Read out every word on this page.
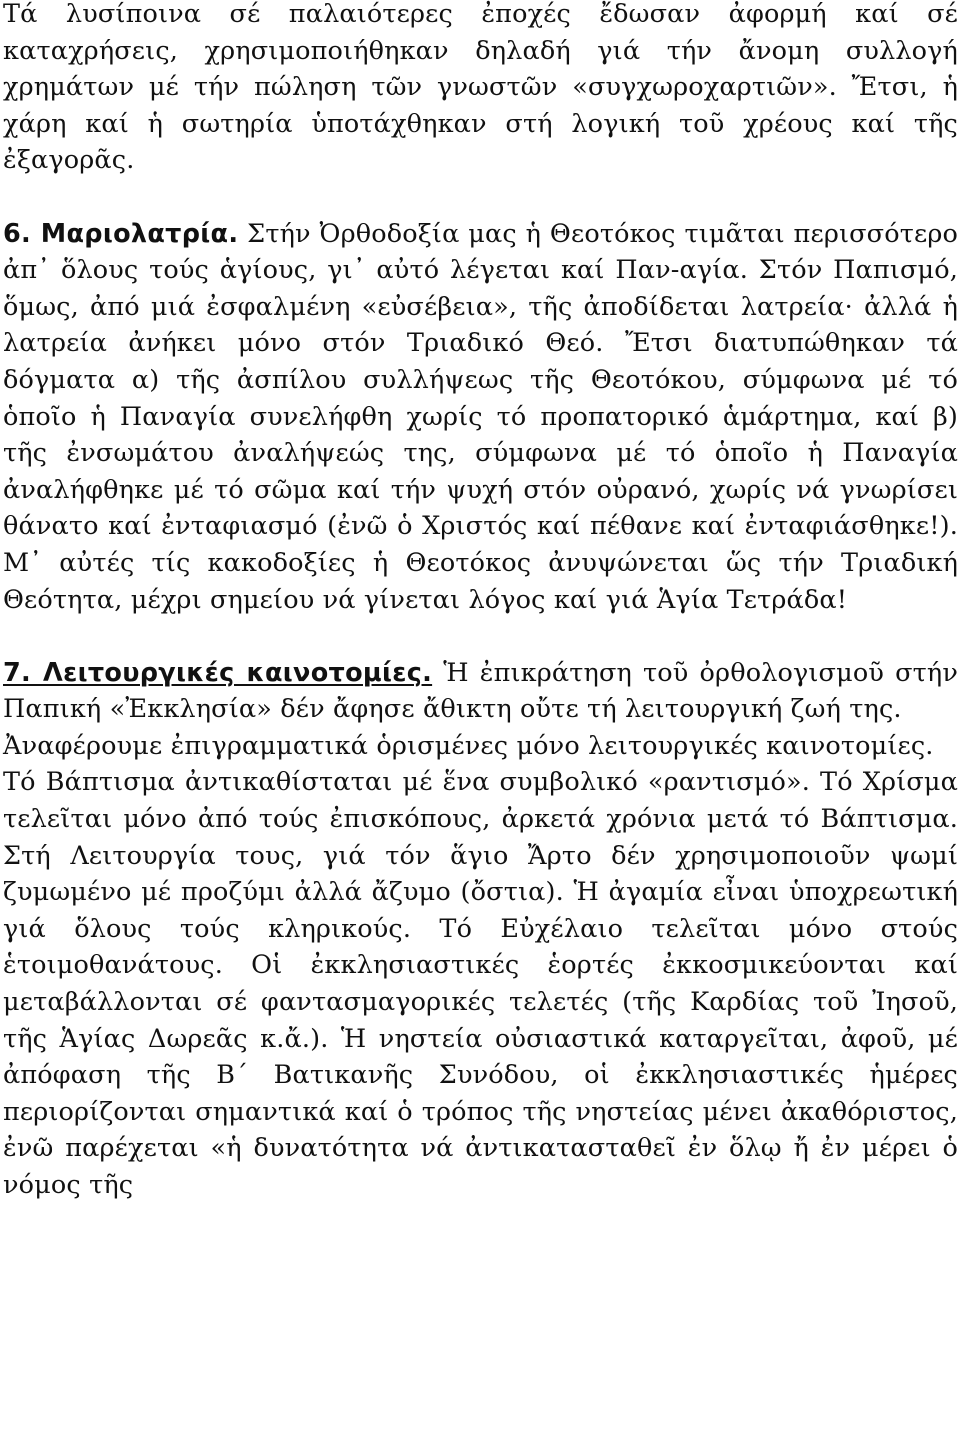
Τά λυσίποινα σέ παλαιότερες ἐποχές ἔδωσαν ἀφορμή καί σέ καταχρήσεις, χρησιμοποιήθηκαν δηλαδή γιά τήν ἄνομη συλλογή χρημάτων μέ τήν πώληση τῶν γνωστῶν «συγχωροχαρτιῶν». Ἔτσι, ἡ χάρη καί ἡ σωτηρία ὑποτάχθηκαν στή λογική τοῦ χρέους καί τῆς ἐξαγορᾶς.

6. Μαριολατρία. Στήν Ὀρθοδοξία μας ἡ Θεοτόκος τιμᾶται περισσότερο ἀπ᾽ ὅλους τούς ἁγίους, γι᾽ αὐτό λέγεται καί Παν-αγία. Στόν Παπισμό, ὅμως, ἀπό μιά ἐσφαλμένη «εὐσέβεια», τῆς ἀποδίδεται λατρεία· ἀλλά ἡ λατρεία ἀνήκει μόνο στόν Τριαδικό Θεό. Ἔτσι διατυπώθηκαν τά δόγματα α) τῆς ἀσπίλου συλλήψεως τῆς Θεοτόκου, σύμφωνα μέ τό ὁποῖο ἡ Παναγία συνελήφθη χωρίς τό προπατορικό ἁμάρτημα, καί β) τῆς ἐνσωμάτου ἀναλήψεώς της, σύμφωνα μέ τό ὁποῖο ἡ Παναγία ἀναλήφθηκε μέ τό σῶμα καί τήν ψυχή στόν οὐρανό, χωρίς νά γνωρίσει θάνατο καί ἐνταφιασμό (ἐνῶ ὁ Χριστός καί πέθανε καί ἐνταφιάσθηκε!). Μ᾽ αὐτές τίς κακοδοξίες ἡ Θεοτόκος ἀνυψώνεται ὥς τήν Τριαδική Θεότητα, μέχρι σημείου νά γίνεται λόγος καί γιά Ἁγία Τετράδα!

7. Λειτουργικές καινοτομίες. Ἡ ἐπικράτηση τοῦ ὀρθολογισμοῦ στήν Παπική «Ἐκκλησία» δέν ἄφησε ἄθικτη οὔτε τή λειτουργική ζωή της.

Ἀναφέρουμε ἐπιγραμματικά ὁρισμένες μόνο λειτουργικές καινοτομίες.

Τό Βάπτισμα ἀντικαθίσταται μέ ἕνα συμβολικό «ραντισμό». Τό Χρίσμα τελεῖται μόνο ἀπό τούς ἐπισκόπους, ἀρκετά χρόνια μετά τό Βάπτισμα. Στή Λειτουργία τους, γιά τόν ἅγιο Ἄρτο δέν χρησιμοποιοῦν ψωμί ζυμωμένο μέ προζύμι ἀλλά ἄζυμο (ὄστια). Ἡ ἀγαμία εἶναι ὑποχρεωτική γιά ὅλους τούς κληρικούς. Τό Εὐχέλαιο τελεῖται μόνο στούς ἑτοιμοθανάτους. Οἱ ἐκκλησιαστικές ἑορτές ἐκκοσμικεύονται καί μεταβάλλονται σέ φαντασμαγορικές τελετές (τῆς Καρδίας τοῦ Ἰησοῦ, τῆς Ἁγίας Δωρεᾶς κ.ἄ.). Ἡ νηστεία οὐσιαστικά καταργεῖται, ἀφοῦ, μέ ἀπόφαση τῆς Β´ Βατικανῆς Συνόδου, οἱ ἐκκλησιαστικές ἡμέρες περιορίζονται σημαντικά καί ὁ τρόπος τῆς νηστείας μένει ἀκαθόριστος, ἐνῶ παρέχεται «ἡ δυνατότητα νά ἀντικατασταθεῖ ἐν ὅλῳ ἤ ἐν μέρει ὁ νόμος τῆς
